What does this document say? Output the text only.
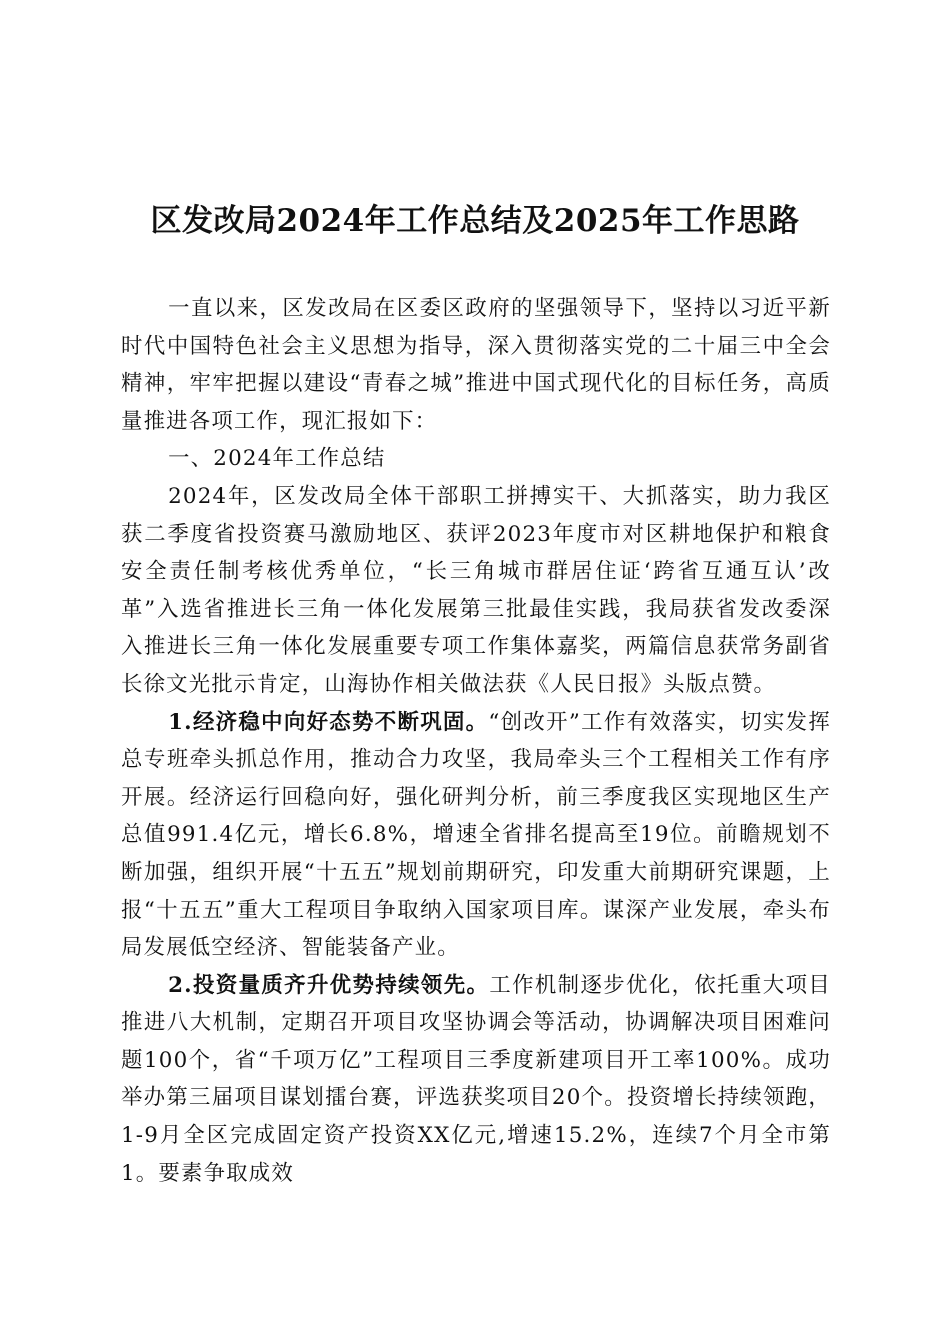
区发改局2024年工作总结及2025年工作思路

一直以来，区发改局在区委区政府的坚强领导下，坚持以习近平新时代中国特色社会主义思想为指导，深入贯彻落实党的二十届三中全会精神，牢牢把握以建设“青春之城”推进中国式现代化的目标任务，高质量推进各项工作，现汇报如下：

一、2024年工作总结

2024年，区发改局全体干部职工拼搏实干、大抓落实，助力我区获二季度省投资赛马激励地区、获评2023年度市对区耕地保护和粮食安全责任制考核优秀单位，“长三角城市群居住证‘跨省互通互认’改革”入选省推进长三角一体化发展第三批最佳实践，我局获省发改委深入推进长三角一体化发展重要专项工作集体嘉奖，两篇信息获常务副省长徐文光批示肯定，山海协作相关做法获《人民日报》头版点赞。

1.经济稳中向好态势不断巩固。“创改开”工作有效落实，切实发挥总专班牵头抓总作用，推动合力攻坚，我局牵头三个工程相关工作有序开展。经济运行回稳向好，强化研判分析，前三季度我区实现地区生产总值991.4亿元，增长6.8%，增速全省排名提高至19位。前瞻规划不断加强，组织开展“十五五”规划前期研究，印发重大前期研究课题，上报“十五五”重大工程项目争取纳入国家项目库。谋深产业发展，牵头布局发展低空经济、智能装备产业。

2.投资量质齐升优势持续领先。工作机制逐步优化，依托重大项目推进八大机制，定期召开项目攻坚协调会等活动，协调解决项目困难问题100个，省“千项万亿”工程项目三季度新建项目开工率100%。成功举办第三届项目谋划擂台赛，评选获奖项目20个。投资增长持续领跑，1-9月全区完成固定资产投资XX亿元,增速15.2%，连续7个月全市第1。要素争取成效
